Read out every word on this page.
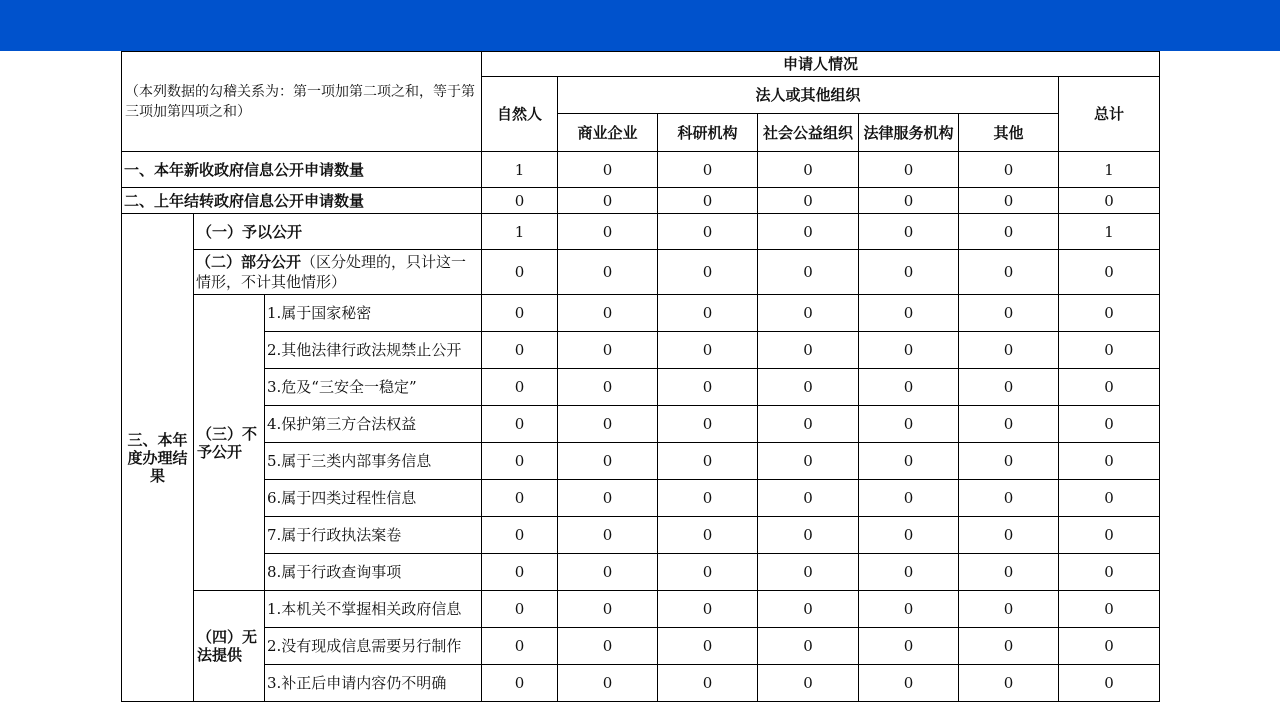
（本列数据的勾稽关系为：第一项加第二项之和，等于第三项加第四项之和）			申请人情况						
			自然人	法人或其他组织					总计
				商业企业	科研机构	社会公益组织	法律服务机构	其他	
一、本年新收政府信息公开申请数量			1	0	0	0	0	0	1
二、上年结转政府信息公开申请数量			0	0	0	0	0	0	0
三、本年度办理结果	（一）予以公开		1	0	0	0	0	0	1
	（二）部分公开（区分处理的，只计这一情形，不计其他情形）		0	0	0	0	0	0	0
	（三）不予公开	1.属于国家秘密	0	0	0	0	0	0	0
		2.其他法律行政法规禁止公开	0	0	0	0	0	0	0
		3.危及“三安全一稳定”	0	0	0	0	0	0	0
		4.保护第三方合法权益	0	0	0	0	0	0	0
		5.属于三类内部事务信息	0	0	0	0	0	0	0
		6.属于四类过程性信息	0	0	0	0	0	0	0
		7.属于行政执法案卷	0	0	0	0	0	0	0
		8.属于行政查询事项	0	0	0	0	0	0	0
	（四）无法提供	1.本机关不掌握相关政府信息	0	0	0	0	0	0	0
		2.没有现成信息需要另行制作	0	0	0	0	0	0	0
		3.补正后申请内容仍不明确	0	0	0	0	0	0	0
